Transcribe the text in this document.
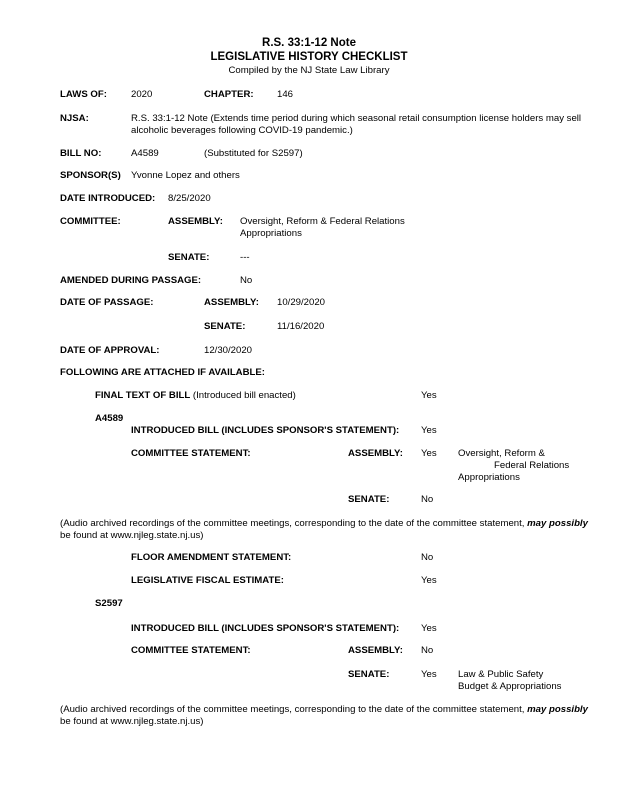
R.S. 33:1-12 Note
LEGISLATIVE HISTORY CHECKLIST
Compiled by the NJ State Law Library
LAWS OF:	2020	CHAPTER: 146
NJSA:	R.S. 33:1-12 Note (Extends time period during which seasonal retail consumption license holders may sell
alcoholic beverages following COVID-19 pandemic.)
BILL NO:	A4589	(Substituted for S2597)
SPONSOR(S) Yvonne Lopez and others
DATE INTRODUCED: 8/25/2020
COMMITTEE:	ASSEMBLY: Oversight, Reform & Federal Relations
Appropriations
SENATE:	---
AMENDED DURING PASSAGE:	No
DATE OF PASSAGE:	ASSEMBLY: 10/29/2020
SENATE:	11/16/2020
DATE OF APPROVAL:	12/30/2020
FOLLOWING ARE ATTACHED IF AVAILABLE:
FINAL TEXT OF BILL (Introduced bill enacted)	Yes
A4589
INTRODUCED BILL (INCLUDES SPONSOR'S STATEMENT): Yes
COMMITTEE STATEMENT:	ASSEMBLY: Yes Oversight, Reform &
Federal Relations
Appropriations
SENATE:	No
(Audio archived recordings of the committee meetings, corresponding to the date of the committee statement, may possibly
be found at www.njleg.state.nj.us)
FLOOR AMENDMENT STATEMENT:	No
LEGISLATIVE FISCAL ESTIMATE:	Yes
S2597
INTRODUCED BILL (INCLUDES SPONSOR'S STATEMENT): Yes
COMMITTEE STATEMENT:	ASSEMBLY: No
SENATE:	Yes Law & Public Safety
Budget & Appropriations
(Audio archived recordings of the committee meetings, corresponding to the date of the committee statement, may possibly
be found at www.njleg.state.nj.us)
